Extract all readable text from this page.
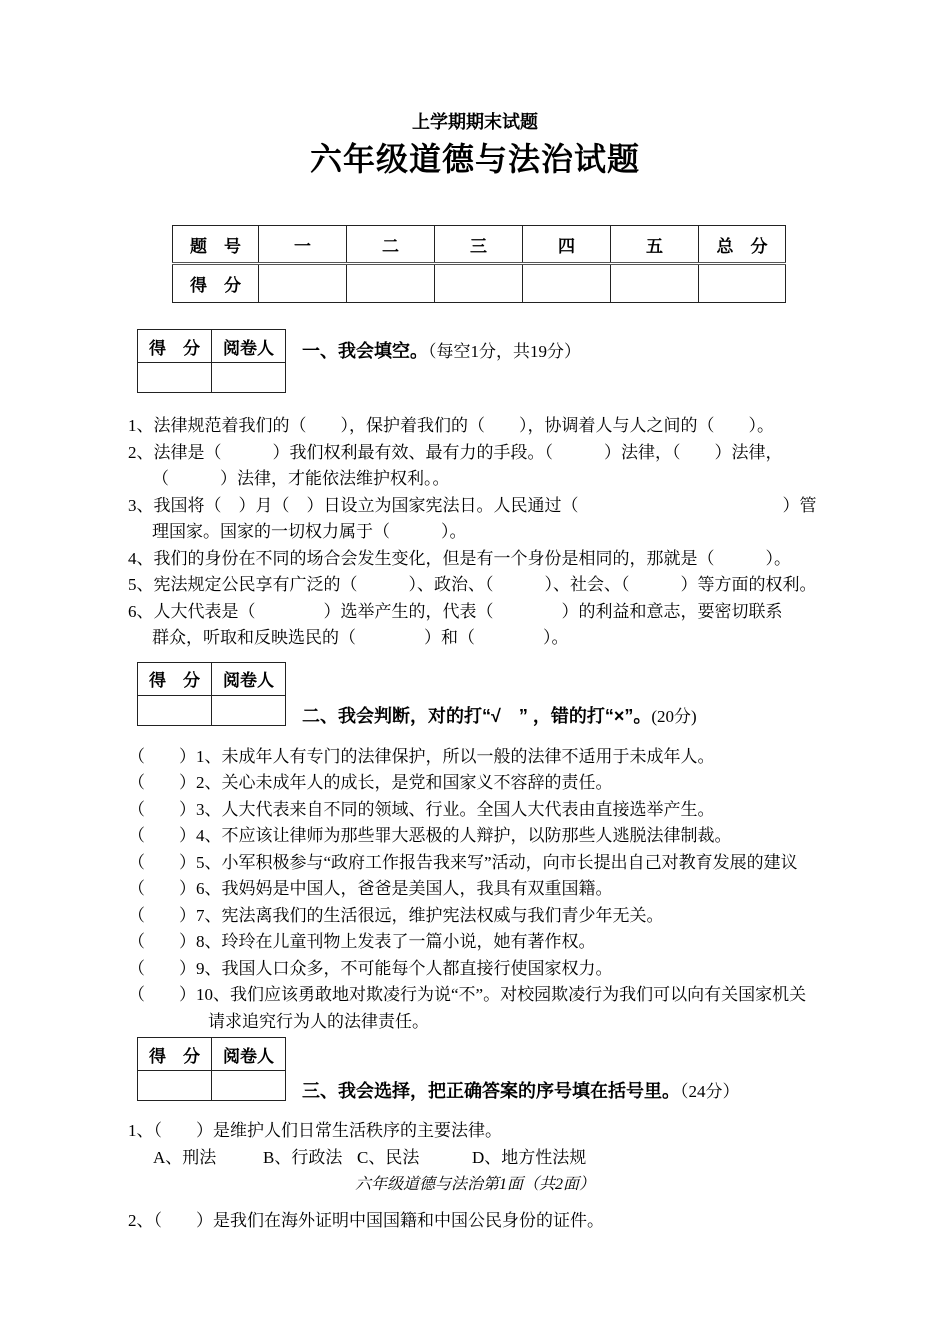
上学期期末试题
六年级道德与法治试题
题　号	一	二	三	四	五	总　分
得　分						
得　分	阅卷人
	一、我会填空。（每空1分，共19分）
1、法律规范着我们的（　　），保护着我们的（　　），协调着人与人之间的（　　）。
2、法律是（　　　）我们权利最有效、最有力的手段。（　　　）法律，（　　）法律，
（　　　）法律，才能依法维护权利。。
3、我国将（　）月（　）日设立为国家宪法日。人民通过（　　　　　　　　　　　　）管
理国家。国家的一切权力属于（　　　）。
4、我们的身份在不同的场合会发生变化，但是有一个身份是相同的，那就是（　　　）。
5、宪法规定公民享有广泛的（　　　）、政治、（　　　）、社会、（　　　）等方面的权利。
6、人大代表是（　　　　）选举产生的，代表（　　　　）的利益和意志，要密切联系
群众，听取和反映选民的（　　　　）和（　　　　）。
得　分	阅卷人

二、我会判断，对的打“√　” ，错的打“×”。(20分)
（　　）1、未成年人有专门的法律保护，所以一般的法律不适用于未成年人。
（　　）2、关心未成年人的成长，是党和国家义不容辞的责任。
（　　）3、人大代表来自不同的领域、行业。全国人大代表由直接选举产生。
（　　）4、不应该让律师为那些罪大恶极的人辩护，以防那些人逃脱法律制裁。
（　　）5、小军积极参与“政府工作报告我来写”活动，向市长提出自己对教育发展的建议
（　　）6、我妈妈是中国人，爸爸是美国人，我具有双重国籍。
（　　）7、宪法离我们的生活很远，维护宪法权威与我们青少年无关。
（　　）8、玲玲在儿童刊物上发表了一篇小说，她有著作权。
（　　）9、我国人口众多，不可能每个人都直接行使国家权力。
（　　）10、我们应该勇敢地对欺凌行为说“不”。对校园欺凌行为我们可以向有关国家机关
请求追究行为人的法律责任。
得　分	阅卷人

三、我会选择，把正确答案的序号填在括号里。（24分）
1、（　　）是维护人们日常生活秩序的主要法律。
A、刑法	B、行政法 C、民法	D、地方性法规
六年级道德与法治第1面（共2面）
2、（　　）是我们在海外证明中国国籍和中国公民身份的证件。
